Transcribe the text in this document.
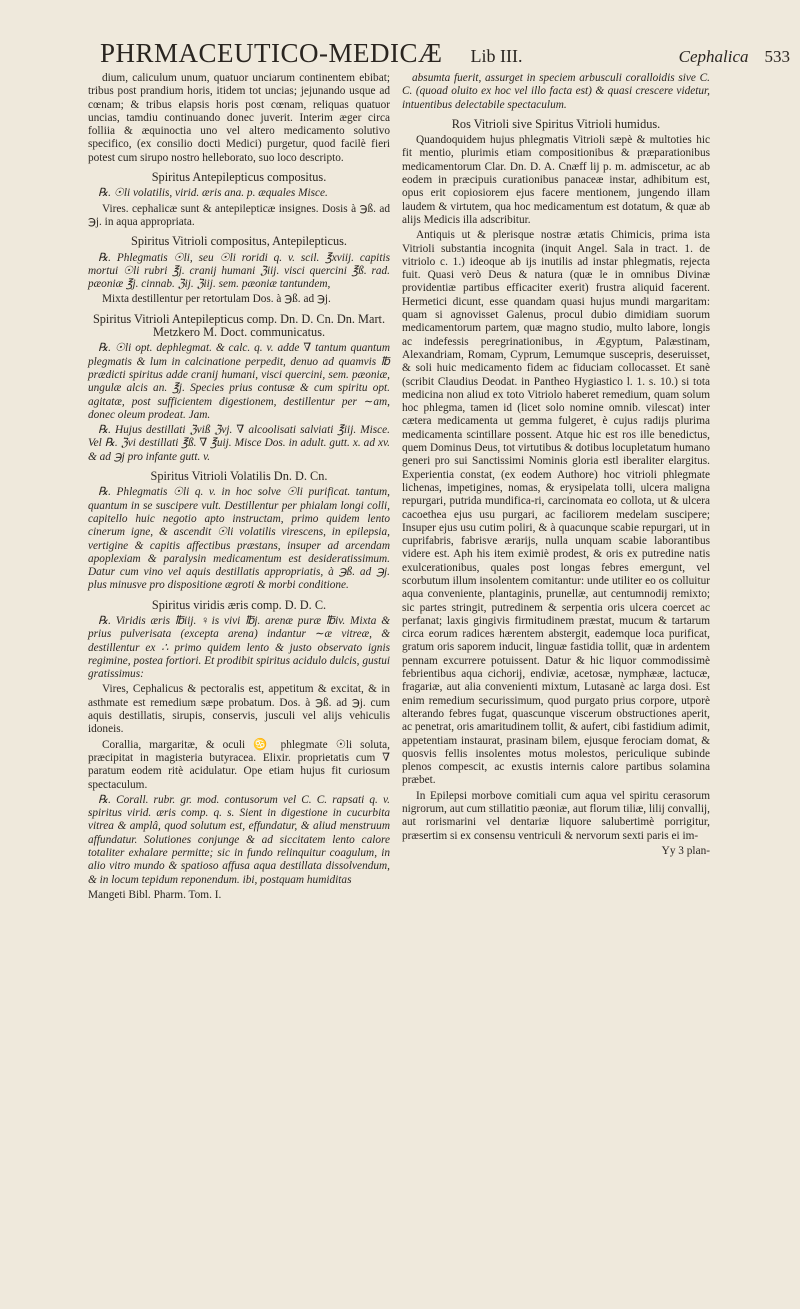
PHRMACEUTICO-MEDICÆ Lib III.	Cephalica 533

dium, caliculum unum, quatuor unciarum continentem ebibat; tribus post prandium horis, itidem tot uncias; jejunando usque ad cœnam; & tribus elapsis horis post cœnam, reliquas quatuor uncias, tamdiu continuando donec juverit. Interim æger circa folliia & æquinoctia uno vel altero medicamento solutivo specifico, (ex consilio docti Medici) purgetur, quod facilè fieri potest cum sirupo nostro helleborato, suo loco descripto.

Spiritus Antepilepticus compositus.

℞. ☉li volatilis, virid. æris ana. p. æquales Misce.

Vires. cephalicæ sunt & antepilepticæ insignes. Dosis à ℈ß. ad ℈j. in aqua appropriata.

Spiritus Vitrioli compositus, Antepilepticus.

℞. Phlegmatis ☉li, seu ☉li roridi q. v. scil. ℥xviij. capitis mortui ☉li rubri ℥j. cranij humani ℨiij. visci quercini ℥ß. rad. pæoniæ ℥j. cinnab. ℨij. ℨiij. sem. pæoniæ tantundem,

Mixta destillentur per retortulam Dos. à ℈ß. ad ℈j.

Spiritus Vitrioli Antepilepticus comp. Dn. D. Cn. Dn. Mart. Metzkero M. Doct. communicatus.

℞. ☉li opt. dephlegmat. & calc. q. v. adde ∇ tantum quantum plegmatis & lum in calcinatione perpedit, denuo ad quamvis ℔ prædicti spiritus adde cranij humani, visci quercini, sem. pæoniæ, ungulæ alcis an. ℥j. Species prius contusæ & cum spiritu opt. agitatæ, post sufficientem digestionem, destillentur per ∼am, donec oleum prodeat. Jam.

℞. Hujus destillati ℨviß ℨvj. ∇ alcoolisati salviati ℥iij. Misce. Vel ℞. ℨvi destillati ℥ß. ∇ ℥uij. Misce Dos. in adult. gutt. x. ad xv. & ad ℈j pro infante gutt. v.

Spiritus Vitrioli Volatilis Dn. D. Cn.

℞. Phlegmatis ☉li q. v. in hoc solve ☉li purificat. tantum, quantum in se suscipere vult. Destillentur per phialam longi colli, capitello huic negotio apto instructam, primo quidem lento cinerum igne, & ascendit ☉li volatilis virescens, in epilepsia, vertigine & capitis affectibus præstans, insuper ad arcendam apoplexiam & paralysin medicamentum est desideratissimum. Datur cum vino vel aquis destillatis appropriatis, à ℈ß. ad ℈j. plus minusve pro dispositione ægroti & morbi conditione.

Spiritus viridis æris comp. D. D. C.

℞. Viridis æris ℔iij. ♀is vivi ℔j. arenæ puræ ℔iv. Mixta & prius pulverisata (excepta arena) indantur ∼æ vitreæ, & destillentur ex ∴ primo quidem lento & justo observato ignis regimine, postea fortiori. Et prodibit spiritus acidulo dulcis, gustui gratissimus:

Vires, Cephalicus & pectoralis est, appetitum & excitat, & in asthmate est remedium sæpe probatum. Dos. à ℈ß. ad ℈j. cum aquis destillatis, sirupis, conservis, jusculi vel alijs vehiculis idoneis.

Corallia, margaritæ, & oculi ♋ phlegmate ☉li soluta, præcipitat in magisteria butyracea. Elixir. proprietatis cum ∇ paratum eodem ritè acidulatur. Ope etiam hujus fit curiosum spectaculum.

℞. Corall. rubr. gr. mod. contusorum vel C. C. rapsati q. v. spiritus virid. æris comp. q. s. Sient in digestione in cucurbita vitrea & amplâ, quod solutum est, effundatur, & aliud menstruum affundatur. Solutiones conjunge & ad siccitatem lento calore totaliter exhalare permitte; sic in fundo relinquitur coagulum, in alio vitro mundo & spatioso affusa aqua destillata dissolvendum, & in locum tepidum reponendum. ibi, postquam humiditas

Mangeti Bibl. Pharm. Tom. I.

absumta fuerit, assurget in speciem arbusculi coralloidis sive C. C. (quoad oluito ex hoc vel illo facta est) & quasi crescere videtur, intuentibus delectabile spectaculum.

Ros Vitrioli sive Spiritus Vitrioli humidus.

Quandoquidem hujus phlegmatis Vitrioli sæpè & multoties hic fit mentio, plurimis etiam compositionibus & præparationibus medicamentorum Clar. Dn. D. A. Cnæff lij p. m. admiscetur, ac ab eodem in præcipuis curationibus panaceæ instar, adhibitum est, opus erit copiosiorem ejus facere mentionem, jungendo illam laudem & virtutem, qua hoc medicamentum est dotatum, & quæ ab alijs Medicis illa adscribitur.

Antiquis ut & plerisque nostræ ætatis Chimicis, prima ista Vitrioli substantia incognita (inquit Angel. Sala in tract. 1. de vitriolo c. 1.) ideoque ab ijs inutilis ad instar phlegmatis, rejecta fuit. Quasi verò Deus & natura (quæ le in omnibus Divinæ providentiæ partibus efficaciter exerit) frustra aliquid facerent. Hermetici dicunt, esse quandam quasi hujus mundi margaritam: quam si agnovisset Galenus, procul dubio dimidiam suorum medicamentorum partem, quæ magno studio, multo labore, longis ac indefessis peregrinationibus, in Ægyptum, Palæstinam, Alexandriam, Romam, Cyprum, Lemumque suscepris, deseruisset, & soli huic medicamento fidem ac fiduciam collocasset. Et sanè (scribit Claudius Deodat. in Pantheo Hygiastico l. 1. s. 10.) si tota medicina non aliud ex toto Vitriolo haberet remedium, quam solum hoc phlegma, tamen id (licet solo nomine omnib. vilescat) inter cætera medicamenta ut gemma fulgeret, è cujus radijs plurima medicamenta scintillare possent. Atque hic est ros ille benedictus, quem Dominus Deus, tot virtutibus & dotibus locupletatum humano generi pro sui Sanctissimi Nominis gloria estl iberaliter elargitus. Experientia constat, (ex eodem Authore) hoc vitrioli phlegmate lichenas, impetigines, nomas, & erysipelata tolli, ulcera maligna repurgari, putrida mundifica-ri, carcinomata eo collota, ut & ulcera cacoethea ejus usu purgari, ac faciliorem medelam suscipere; Insuper ejus usu cutim poliri, & à quacunque scabie repurgari, ut in cuprifabris, fabrisve ærarijs, nulla unquam scabie laborantibus videre est. Aph his item eximiè prodest, & oris ex putredine natis exulcerationibus, quales post longas febres emergunt, vel scorbutum illum insolentem comitantur: unde utiliter eo os colluitur aqua conveniente, plantaginis, prunellæ, aut centumnodij remixto; sic partes stringit, putredinem & serpentia oris ulcera coercet ac perfanat; laxis gingivis firmitudinem præstat, mucum & tartarum circa eorum radices hærentem abstergit, eademque loca purificat, gratum oris saporem inducit, linguæ fastidia tollit, quæ in ardentem pennam excurrere potuissent. Datur & hic liquor commodissimè febrientibus aqua cichorij, endiviæ, acetosæ, nymphææ, lactucæ, fragariæ, aut alia convenienti mixtum, Lutasanè ac larga dosi. Est enim remedium securissimum, quod purgato prius corpore, utporè alterando febres fugat, quascunque viscerum obstructiones aperit, ac penetrat, oris amaritudinem tollit, & aufert, cibi fastidium adimit, appetentiam instaurat, prasinam bilem, ejusque ferociam domat, & quosvis fellis insolentes motus molestos, periculique subinde plenos compescit, ac exustis internis calore partibus solamina præbet.

In Epilepsi morbove comitiali cum aqua vel spiritu cerasorum nigrorum, aut cum stillatitio pæoniæ, aut florum tiliæ, lilij convallij, aut rorismarini vel dentariæ liquore salubertimè porrigitur, præsertim si ex consensu ventriculi & nervorum sexti paris ei im-

Yy 3 plan-
